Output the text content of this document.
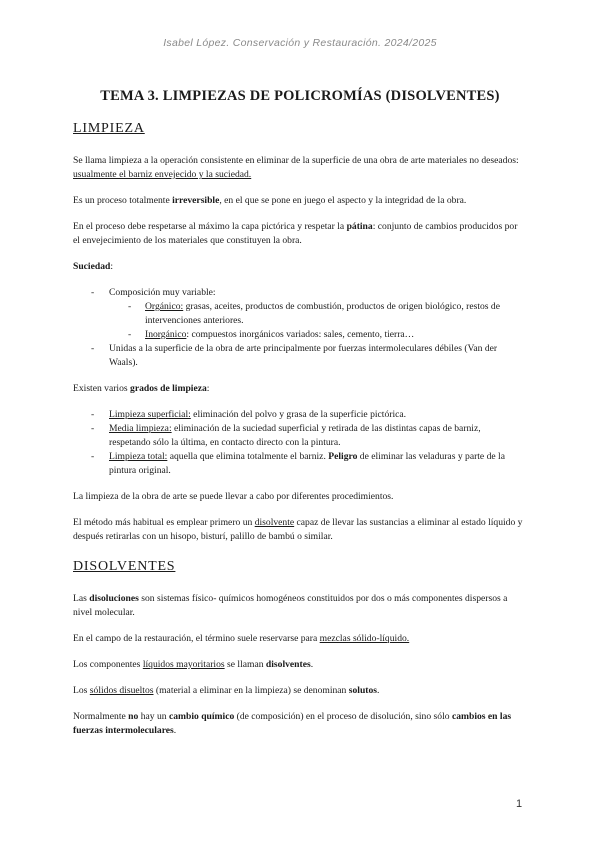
Isabel López. Conservación y Restauración. 2024/2025
TEMA 3. LIMPIEZAS DE POLICROMÍAS (DISOLVENTES)
LIMPIEZA

Se llama limpieza a la operación consistente en eliminar de la superficie de una obra de arte materiales no deseados: usualmente el barniz envejecido y la suciedad.

Es un proceso totalmente irreversible, en el que se pone en juego el aspecto y la integridad de la obra.

En el proceso debe respetarse al máximo la capa pictórica y respetar la pátina: conjunto de cambios producidos por el envejecimiento de los materiales que constituyen la obra.

Suciedad:

- Composición muy variable:
- Orgánico: grasas, aceites, productos de combustión, productos de origen biológico, restos de intervenciones anteriores.
- Inorgánico: compuestos inorgánicos variados: sales, cemento, tierra…
- Unidas a la superficie de la obra de arte principalmente por fuerzas intermoleculares débiles (Van der Waals).

Existen varios grados de limpieza:

- Limpieza superficial: eliminación del polvo y grasa de la superficie pictórica.
- Media limpieza: eliminación de la suciedad superficial y retirada de las distintas capas de barniz, respetando sólo la última, en contacto directo con la pintura.
- Limpieza total: aquella que elimina totalmente el barniz. Peligro de eliminar las veladuras y parte de la pintura original.

La limpieza de la obra de arte se puede llevar a cabo por diferentes procedimientos.

El método más habitual es emplear primero un disolvente capaz de llevar las sustancias a eliminar al estado líquido y después retirarlas con un hisopo, bisturí, palillo de bambú o similar.

DISOLVENTES

Las disoluciones son sistemas físico- químicos homogéneos constituidos por dos o más componentes dispersos a nivel molecular.

En el campo de la restauración, el término suele reservarse para mezclas sólido-líquido.

Los componentes líquidos mayoritarios se llaman disolventes.

Los sólidos disueltos (material a eliminar en la limpieza) se denominan solutos.

Normalmente no hay un cambio químico (de composición) en el proceso de disolución, sino sólo cambios en las fuerzas intermoleculares.

1
